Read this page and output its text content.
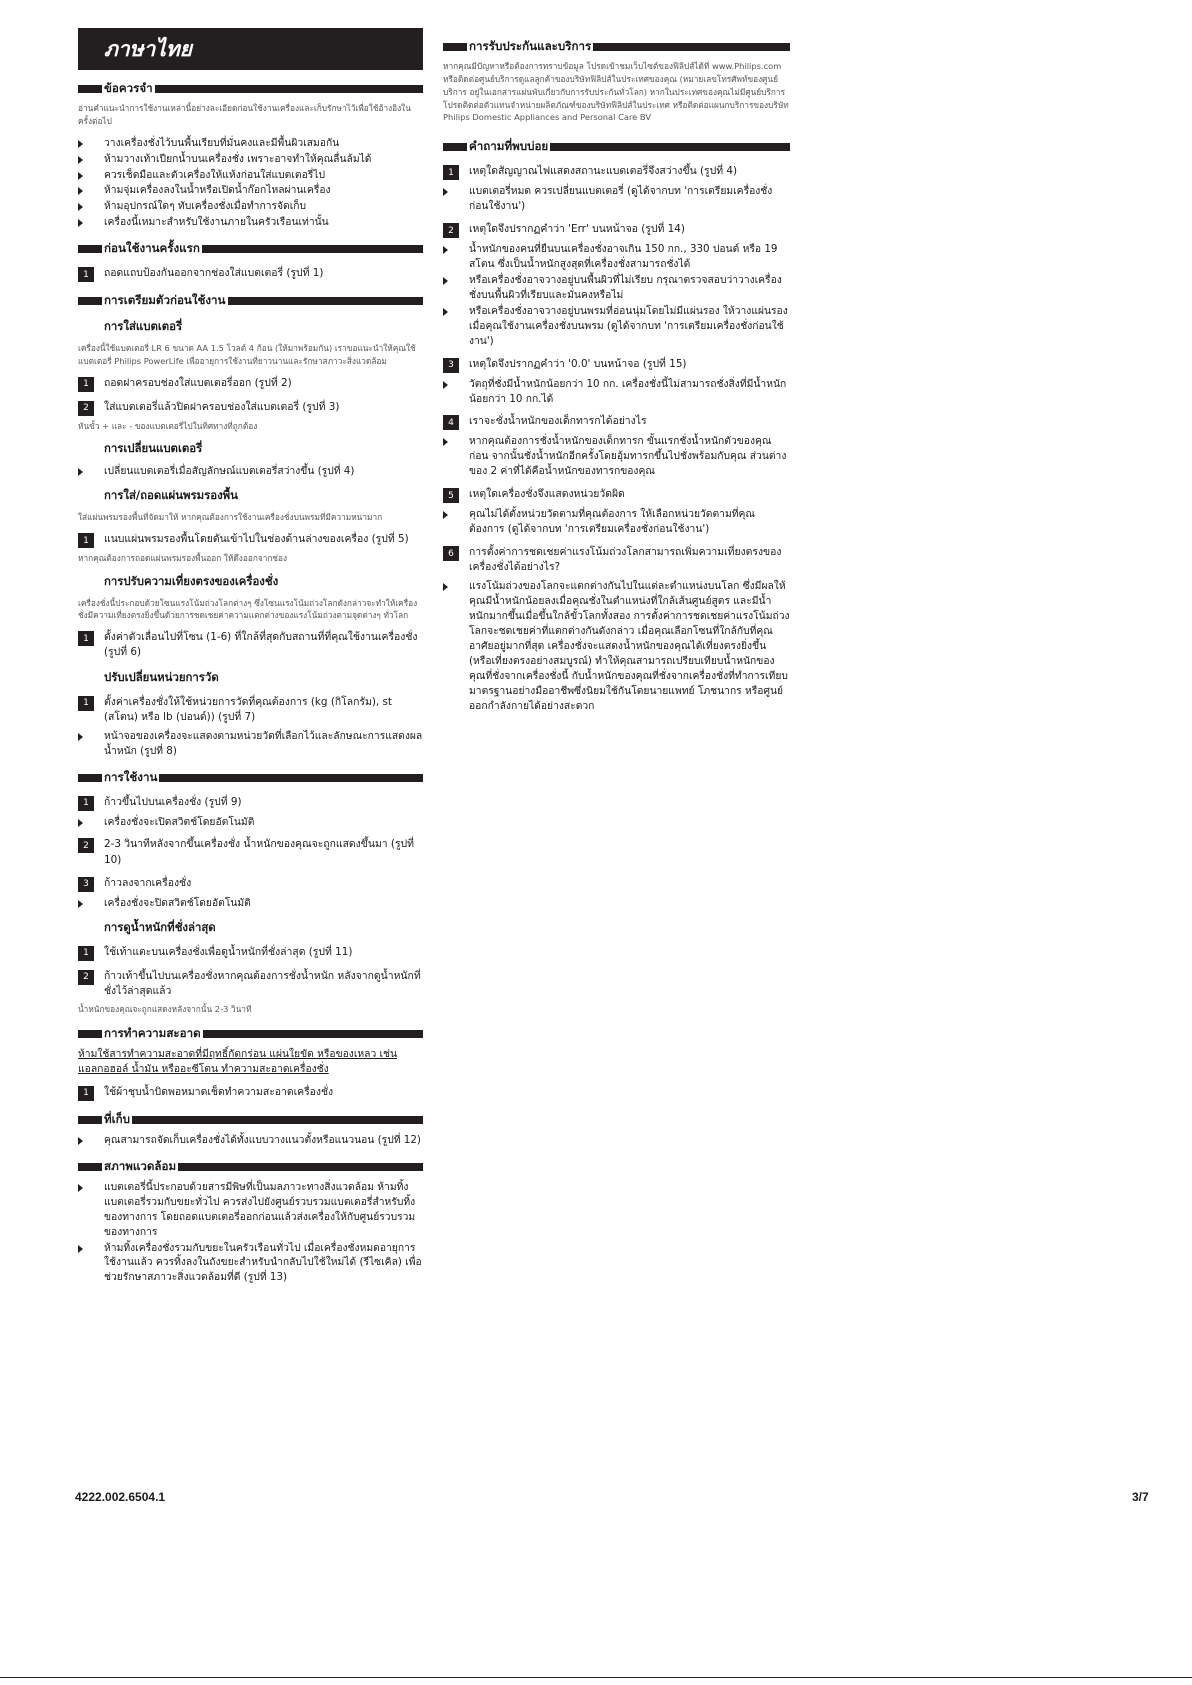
ภาษาไทย
ข้อควรจำ
อ่านคำแนะนำการใช้งานเหล่านี้อย่างละเอียดก่อนใช้งานเครื่องและเก็บรักษาไว้เพื่อใช้อ้างอิงในครั้งต่อไป
วางเครื่องชั่งไว้บนพื้นเรียบที่มั่นคงและมีพื้นผิวเสมอกัน
ห้ามวางเท้าเปียกน้ำบนเครื่องชั่ง เพราะอาจทำให้คุณลื่นล้มได้
ควรเช็ดมือและตัวเครื่องให้แห้งก่อนใส่แบตเตอรี่ไป
ห้ามจุ่มเครื่องลงในน้ำหรือเปิดน้ำก๊อกไหลผ่านเครื่อง
ห้ามอุปกรณ์ใดๆ ทับเครื่องชั่งเมื่อทำการจัดเก็บ
เครื่องนี้เหมาะสำหรับใช้งานภายในครัวเรือนเท่านั้น
ก่อนใช้งานครั้งแรก
1	ถอดแถบป้องกันออกจากช่องใส่แบตเตอรี่ (รูปที่ 1)
การเตรียมตัวก่อนใช้งาน
การใส่แบตเตอรี่
เครื่องนี้ใช้แบตเตอรี่ LR 6 ขนาด AA 1.5 โวลต์ 4 ก้อน (ให้มาพร้อมกัน) เราขอแนะนำให้คุณใช้แบตเตอรี่ Philips PowerLife เพื่ออายุการใช้งานที่ยาวนานและรักษาสภาวะสิ่งแวดล้อม
1	ถอดฝาครอบช่องใส่แบตเตอรี่ออก (รูปที่ 2)
2	ใส่แบตเตอรี่แล้วปิดฝาครอบช่องใส่แบตเตอรี่ (รูปที่ 3)
หันขั้ว + และ - ของแบตเตอรี่ไปในทิศทางที่ถูกต้อง
การเปลี่ยนแบตเตอรี่
เปลี่ยนแบตเตอรี่เมื่อสัญลักษณ์แบตเตอรี่สว่างขึ้น (รูปที่ 4)
การใส่/ถอดแผ่นพรมรองพื้น
ใส่แผ่นพรมรองพื้นที่จัดมาให้ หากคุณต้องการใช้งานเครื่องชั่งบนพรมที่มีความหนามาก
1	แนบแผ่นพรมรองพื้นโดยดันเข้าไปในช่องด้านล่างของเครื่อง (รูปที่ 5)
หากคุณต้องการถอดแผ่นพรมรองพื้นออก ให้ดึงออกจากช่อง
การปรับความเที่ยงตรงของเครื่องชั่ง
เครื่องชั่งนี้ประกอบด้วยโซนแรงโน้มถ่วงโลกต่างๆ ซึ่งโซนแรงโน้มถ่วงโลกดังกล่าวจะทำให้เครื่องชั่งมีความเที่ยงตรงยิ่งขึ้นด้วยการชดเชยค่าความแตกต่างของแรงโน้มถ่วงตามจุดต่างๆ ทั่วโลก
1	ตั้งค่าตัวเลื่อนไปที่โซน (1-6) ที่ใกล้ที่สุดกับสถานที่ที่คุณใช้งานเครื่องชั่ง (รูปที่ 6)
ปรับเปลี่ยนหน่วยการวัด
1	ตั้งค่าเครื่องชั่งให้ใช้หน่วยการวัดที่คุณต้องการ (kg (กิโลกรัม), st (สโตน) หรือ lb (ปอนด์)) (รูปที่ 7)
หน้าจอของเครื่องจะแสดงตามหน่วยวัดที่เลือกไว้และลักษณะการแสดงผลน้ำหนัก (รูปที่ 8)
การใช้งาน
1	ก้าวขึ้นไปบนเครื่องชั่ง (รูปที่ 9)
เครื่องชั่งจะเปิดสวิตช์โดยอัตโนมัติ
2	2-3 วินาทีหลังจากขึ้นเครื่องชั่ง น้ำหนักของคุณจะถูกแสดงขึ้นมา (รูปที่ 10)
3	ก้าวลงจากเครื่องชั่ง
เครื่องชั่งจะปิดสวิตช์โดยอัตโนมัติ
การดูน้ำหนักที่ชั่งล่าสุด
1	ใช้เท้าแตะบนเครื่องชั่งเพื่อดูน้ำหนักที่ชั่งล่าสุด (รูปที่ 11)
2	ก้าวเท้าขึ้นไปบนเครื่องชั่งหากคุณต้องการชั่งน้ำหนัก หลังจากดูน้ำหนักที่ชั่งไว้ล่าสุดแล้ว
น้ำหนักของคุณจะถูกแสดงหลังจากนั้น 2-3 วินาที
การทำความสะอาด
ห้ามใช้สารทำความสะอาดที่มีฤทธิ์กัดกร่อน แผ่นใยขัด หรือของเหลว เช่น แอลกอฮอล์ น้ำมัน หรืออะซีโตน ทำความสะอาดเครื่องชั่ง
1	ใช้ผ้าชุบน้ำบิดพอหมาดเช็ดทำความสะอาดเครื่องชั่ง
ที่เก็บ
คุณสามารถจัดเก็บเครื่องชั่งได้ทั้งแบบวางแนวตั้งหรือแนวนอน (รูปที่ 12)
สภาพแวดล้อม
แบตเตอรี่นี้ประกอบด้วยสารมีพิษที่เป็นมลภาวะทางสิ่งแวดล้อม ห้ามทิ้งแบตเตอรี่รวมกับขยะทั่วไป ควรส่งไปยังศูนย์รวบรวมแบตเตอรี่สำหรับทิ้งของทางการ โดยถอดแบตเตอรี่ออกก่อนแล้วส่งเครื่องให้กับศูนย์รวบรวมของทางการ
ห้ามทิ้งเครื่องชั่งรวมกับขยะในครัวเรือนทั่วไป เมื่อเครื่องชั่งหมดอายุการใช้งานแล้ว ควรทิ้งลงในถังขยะสำหรับนำกลับไปใช้ใหม่ได้ (รีไซเคิล) เพื่อช่วยรักษาสภาวะสิ่งแวดล้อมที่ดี (รูปที่ 13)
การรับประกันและบริการ
หากคุณมีปัญหาหรือต้องการทราบข้อมูล โปรดเข้าชมเว็บไซต์ของฟิลิปส์ได้ที่ www.Philips.com หรือติดต่อศูนย์บริการดูแลลูกค้าของบริษัทฟิลิปส์ในประเทศของคุณ (หมายเลขโทรศัพท์ของศูนย์บริการ อยู่ในเอกสารแผ่นพับเกี่ยวกับการรับประกันทั่วโลก) หากในประเทศของคุณไม่มีศูนย์บริการ โปรดติดต่อตัวแทนจำหน่ายผลิตภัณฑ์ของบริษัทฟิลิปส์ในประเทศ หรือติดต่อแผนกบริการของบริษัท Philips Domestic Appliances and Personal Care BV
คำถามที่พบบ่อย
1	เหตุใดสัญญาณไฟแสดงสถานะแบตเตอรี่จึงสว่างขึ้น (รูปที่ 4)
แบตเตอรี่หมด ควรเปลี่ยนแบตเตอรี่ (ดูได้จากบท 'การเตรียมเครื่องชั่งก่อนใช้งาน')
2	เหตุใดจึงปรากฏคำว่า 'Err' บนหน้าจอ (รูปที่ 14)
น้ำหนักของคนที่ยืนบนเครื่องชั่งอาจเกิน 150 กก., 330 ปอนด์ หรือ 19 สโตน ซึ่งเป็นน้ำหนักสูงสุดที่เครื่องชั่งสามารถชั่งได้
หรือเครื่องชั่งอาจวางอยู่บนพื้นผิวที่ไม่เรียบ กรุณาตรวจสอบว่าวางเครื่องชั่งบนพื้นผิวที่เรียบและมั่นคงหรือไม่
หรือเครื่องชั่งอาจวางอยู่บนพรมที่อ่อนนุ่มโดยไม่มีแผ่นรอง ให้วางแผ่นรองเมื่อคุณใช้งานเครื่องชั่งบนพรม (ดูได้จากบท 'การเตรียมเครื่องชั่งก่อนใช้งาน')
3	เหตุใดจึงปรากฏคำว่า '0.0' บนหน้าจอ (รูปที่ 15)
วัตถุที่ชั่งมีน้ำหนักน้อยกว่า 10 กก. เครื่องชั่งนี้ไม่สามารถชั่งสิ่งที่มีน้ำหนักน้อยกว่า 10 กก.ได้
4	เราจะชั่งน้ำหนักของเด็กทารกได้อย่างไร
หากคุณต้องการชั่งน้ำหนักของเด็กทารก ขั้นแรกชั่งน้ำหนักตัวของคุณก่อน จากนั้นชั่งน้ำหนักอีกครั้งโดยอุ้มทารกขึ้นไปชั่งพร้อมกับคุณ ส่วนต่างของ 2 ค่าที่ได้คือน้ำหนักของทารกของคุณ
5	เหตุใดเครื่องชั่งจึงแสดงหน่วยวัดผิด
คุณไม่ได้ตั้งหน่วยวัดตามที่คุณต้องการ ให้เลือกหน่วยวัดตามที่คุณต้องการ (ดูได้จากบท 'การเตรียมเครื่องชั่งก่อนใช้งาน')
6	การตั้งค่าการชดเชยค่าแรงโน้มถ่วงโลกสามารถเพิ่มความเที่ยงตรงของเครื่องชั่งได้อย่างไร?
แรงโน้มถ่วงของโลกจะแตกต่างกันไปในแต่ละตำแหน่งบนโลก ซึ่งมีผลให้คุณมีน้ำหนักน้อยลงเมื่อคุณชั่งในตำแหน่งที่ใกล้เส้นศูนย์สูตร และมีน้ำหนักมากขึ้นเมื่อขึ้นใกล้ขั้วโลกทั้งสอง การตั้งค่าการชดเชยค่าแรงโน้มถ่วงโลกจะชดเชยค่าที่แตกต่างกันดังกล่าว เมื่อคุณเลือกโซนที่ใกล้กับที่คุณอาศัยอยู่มากที่สุด เครื่องชั่งจะแสดงน้ำหนักของคุณได้เที่ยงตรงยิ่งขึ้น (หรือเที่ยงตรงอย่างสมบูรณ์) ทำให้คุณสามารถเปรียบเทียบน้ำหนักของคุณที่ชั่งจากเครื่องชั่งนี้ กับน้ำหนักของคุณที่ชั่งจากเครื่องชั่งที่ทำการเทียบมาตรฐานอย่างมืออาชีพซึ่งนิยมใช้กันโดยนายแพทย์ โภชนากร หรือศูนย์ออกกำลังกายได้อย่างสะดวก
4222.002.6504.1	3/7
